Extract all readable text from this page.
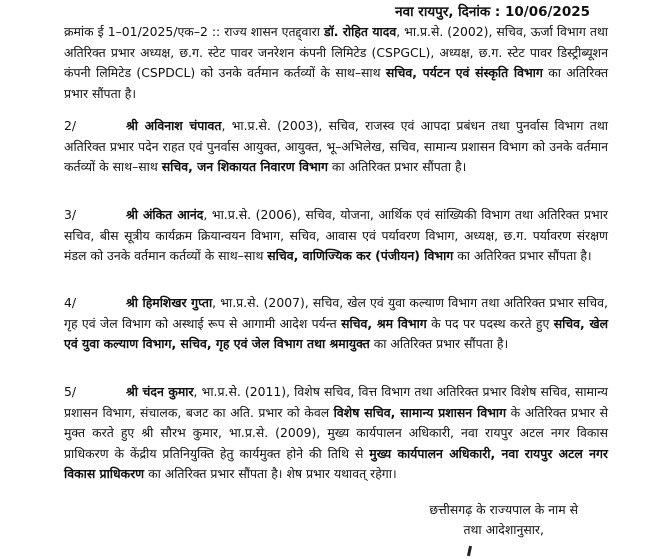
नवा रायपुर, दिनांक : 10/06/2025
क्रमांक ई 1–01/2025/एक–2 :: राज्य शासन एतद्द्वारा डॉ. रोहित यादव, भा.प्र.से. (2002), सचिव, ऊर्जा विभाग तथा अतिरिक्त प्रभार अध्यक्ष, छ.ग. स्टेट पावर जनरेशन कंपनी लिमिटेड (CSPGCL), अध्यक्ष, छ.ग. स्टेट पावर डिस्ट्रीब्यूशन कंपनी लिमिटेड (CSPDCL) को उनके वर्तमान कर्तव्यों के साथ–साथ सचिव, पर्यटन एवं संस्कृति विभाग का अतिरिक्त प्रभार सौंपता है।
2/	श्री अविनाश चंपावत, भा.प्र.से. (2003), सचिव, राजस्व एवं आपदा प्रबंधन तथा पुनर्वास विभाग तथा अतिरिक्त प्रभार पदेन राहत एवं पुनर्वास आयुक्त, आयुक्त, भू–अभिलेख, सचिव, सामान्य प्रशासन विभाग को उनके वर्तमान कर्तव्यों के साथ–साथ सचिव, जन शिकायत निवारण विभाग का अतिरिक्त प्रभार सौंपता है।
3/	श्री अंकित आनंद, भा.प्र.से. (2006), सचिव, योजना, आर्थिक एवं सांख्यिकी विभाग तथा अतिरिक्त प्रभार सचिव, बीस सूत्रीय कार्यक्रम क्रियान्वयन विभाग, सचिव, आवास एवं पर्यावरण विभाग, अध्यक्ष, छ.ग. पर्यावरण संरक्षण मंडल को उनके वर्तमान कर्तव्यों के साथ–साथ सचिव, वाणिज्यिक कर (पंजीयन) विभाग का अतिरिक्त प्रभार सौंपता है।
4/	श्री हिमशिखर गुप्ता, भा.प्र.से. (2007), सचिव, खेल एवं युवा कल्याण विभाग तथा अतिरिक्त प्रभार सचिव, गृह एवं जेल विभाग को अस्थाई रूप से आगामी आदेश पर्यन्त सचिव, श्रम विभाग के पद पर पदस्थ करते हुए सचिव, खेल एवं युवा कल्याण विभाग, सचिव, गृह एवं जेल विभाग तथा श्रमायुक्त का अतिरिक्त प्रभार सौंपता है।
5/	श्री चंदन कुमार, भा.प्र.से. (2011), विशेष सचिव, वित्त विभाग तथा अतिरिक्त प्रभार विशेष सचिव, सामान्य प्रशासन विभाग, संचालक, बजट का अति. प्रभार को केवल विशेष सचिव, सामान्य प्रशासन विभाग के अतिरिक्त प्रभार से मुक्त करते हुए श्री सौरभ कुमार, भा.प्र.से. (2009), मुख्य कार्यपालन अधिकारी, नवा रायपुर अटल नगर विकास प्राधिकरण के केंद्रीय प्रतिनियुक्ति हेतु कार्यमुक्त होने की तिथि से मुख्य कार्यपालन अधिकारी, नवा रायपुर अटल नगर विकास प्राधिकरण का अतिरिक्त प्रभार सौंपता है। शेष प्रभार यथावत् रहेगा।
छत्तीसगढ़ के राज्यपाल के नाम से
तथा आदेशानुसार,
